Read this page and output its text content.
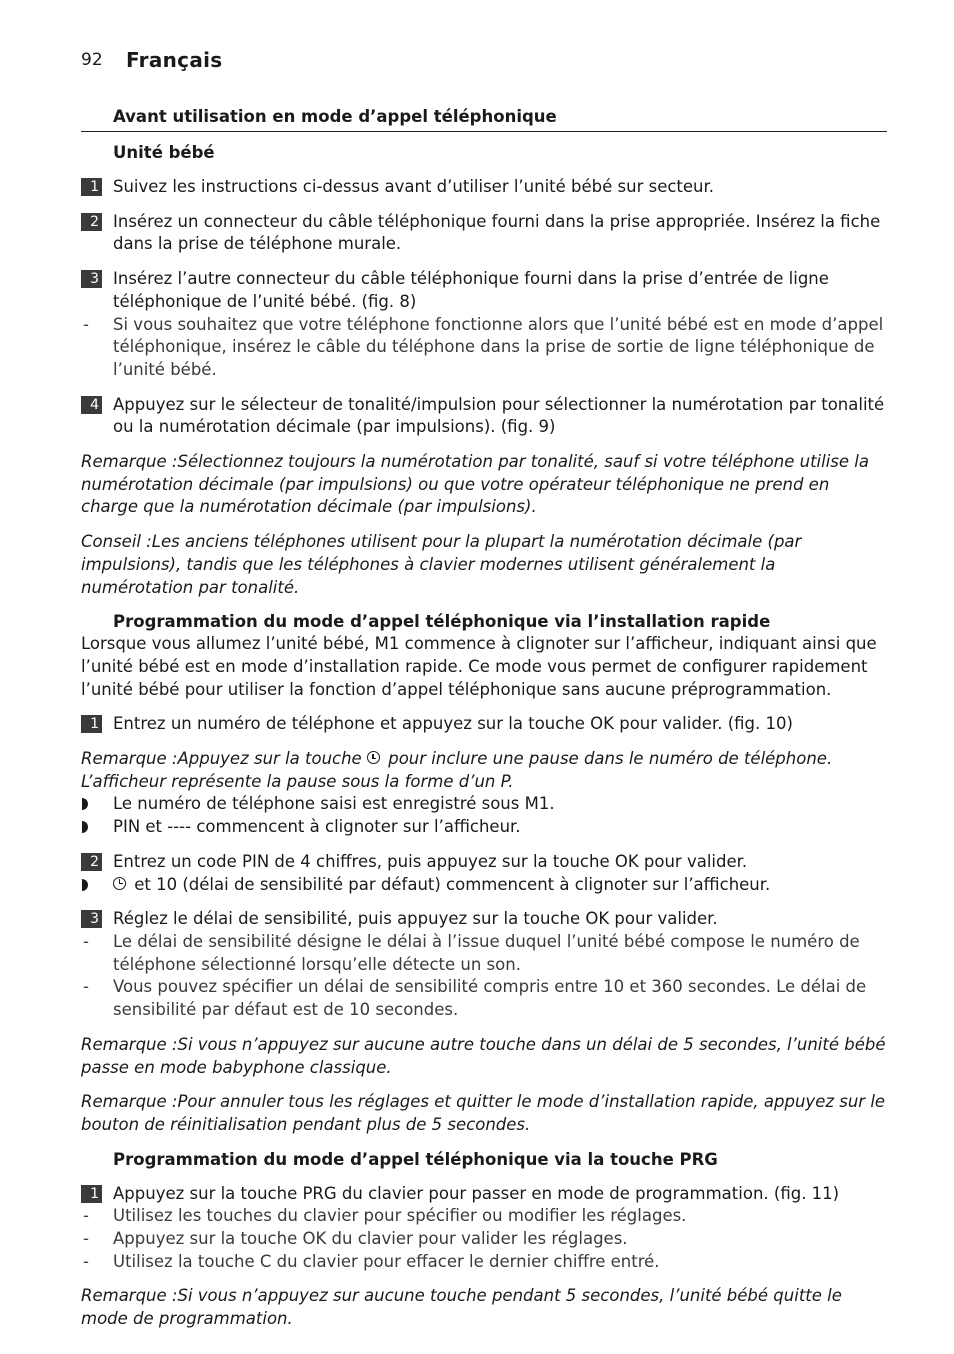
92 Français
Avant utilisation en mode d’appel téléphonique
Unité bébé
1 Suivez les instructions ci-dessus avant d’utiliser l’unité bébé sur secteur.
2 Insérez un connecteur du câble téléphonique fourni dans la prise appropriée. Insérez la fiche dans la prise de téléphone murale.
3 Insérez l’autre connecteur du câble téléphonique fourni dans la prise d’entrée de ligne téléphonique de l’unité bébé. (fig. 8)
- Si vous souhaitez que votre téléphone fonctionne alors que l’unité bébé est en mode d’appel téléphonique, insérez le câble du téléphone dans la prise de sortie de ligne téléphonique de l’unité bébé.
4 Appuyez sur le sélecteur de tonalité/impulsion pour sélectionner la numérotation par tonalité ou la numérotation décimale (par impulsions). (fig. 9)
Remarque :Sélectionnez toujours la numérotation par tonalité, sauf si votre téléphone utilise la numérotation décimale (par impulsions) ou que votre opérateur téléphonique ne prend en charge que la numérotation décimale (par impulsions).
Conseil :Les anciens téléphones utilisent pour la plupart la numérotation décimale (par impulsions), tandis que les téléphones à clavier modernes utilisent généralement la numérotation par tonalité.
Programmation du mode d’appel téléphonique via l’installation rapide
Lorsque vous allumez l’unité bébé, M1 commence à clignoter sur l’afficheur, indiquant ainsi que l’unité bébé est en mode d’installation rapide. Ce mode vous permet de configurer rapidement l’unité bébé pour utiliser la fonction d’appel téléphonique sans aucune préprogrammation.
1 Entrez un numéro de téléphone et appuyez sur la touche OK pour valider. (fig. 10)
Remarque :Appuyez sur la touche pour inclure une pause dans le numéro de téléphone. L’afficheur représente la pause sous la forme d’un P.
Le numéro de téléphone saisi est enregistré sous M1.
PIN et ---- commencent à clignoter sur l’afficheur.
2 Entrez un code PIN de 4 chiffres, puis appuyez sur la touche OK pour valider.
et 10 (délai de sensibilité par défaut) commencent à clignoter sur l’afficheur.
3 Réglez le délai de sensibilité, puis appuyez sur la touche OK pour valider.
- Le délai de sensibilité désigne le délai à l’issue duquel l’unité bébé compose le numéro de téléphone sélectionné lorsqu’elle détecte un son.
- Vous pouvez spécifier un délai de sensibilité compris entre 10 et 360 secondes. Le délai de sensibilité par défaut est de 10 secondes.
Remarque :Si vous n’appuyez sur aucune autre touche dans un délai de 5 secondes, l’unité bébé passe en mode babyphone classique.
Remarque :Pour annuler tous les réglages et quitter le mode d’installation rapide, appuyez sur le bouton de réinitialisation pendant plus de 5 secondes.
Programmation du mode d’appel téléphonique via la touche PRG
1 Appuyez sur la touche PRG du clavier pour passer en mode de programmation. (fig. 11)
- Utilisez les touches du clavier pour spécifier ou modifier les réglages.
- Appuyez sur la touche OK du clavier pour valider les réglages.
- Utilisez la touche C du clavier pour effacer le dernier chiffre entré.
Remarque :Si vous n’appuyez sur aucune touche pendant 5 secondes, l’unité bébé quitte le mode de programmation.
